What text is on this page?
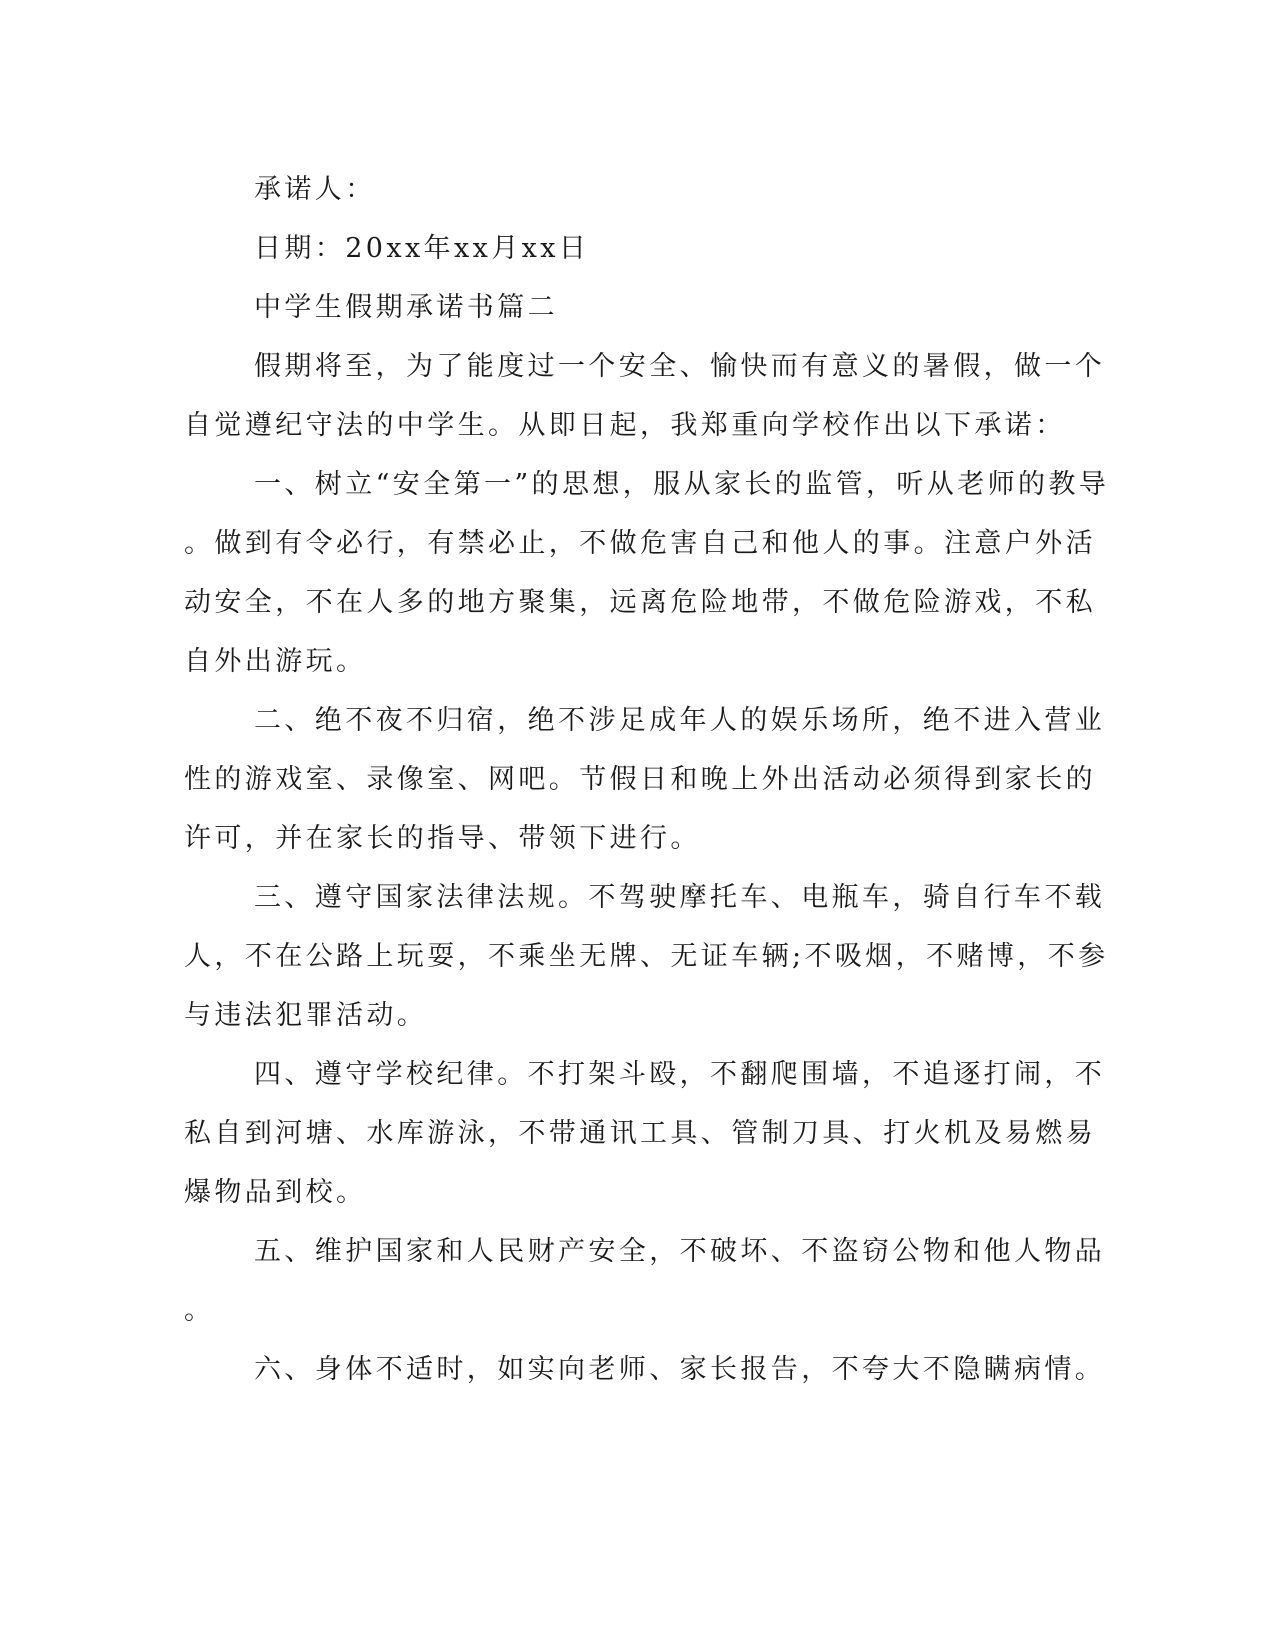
承诺人：

日期：20xx年xx月xx日

中学生假期承诺书篇二

假期将至，为了能度过一个安全、愉快而有意义的暑假，做一个

自觉遵纪守法的中学生。从即日起，我郑重向学校作出以下承诺：

一、树立“安全第一”的思想，服从家长的监管，听从老师的教导

。做到有令必行，有禁必止，不做危害自己和他人的事。注意户外活

动安全，不在人多的地方聚集，远离危险地带，不做危险游戏，不私

自外出游玩。

二、绝不夜不归宿，绝不涉足成年人的娱乐场所，绝不进入营业

性的游戏室、录像室、网吧。节假日和晚上外出活动必须得到家长的

许可，并在家长的指导、带领下进行。

三、遵守国家法律法规。不驾驶摩托车、电瓶车，骑自行车不载

人，不在公路上玩耍，不乘坐无牌、无证车辆;不吸烟，不赌博，不参

与违法犯罪活动。

四、遵守学校纪律。不打架斗殴，不翻爬围墙，不追逐打闹，不

私自到河塘、水库游泳，不带通讯工具、管制刀具、打火机及易燃易

爆物品到校。

五、维护国家和人民财产安全，不破坏、不盗窃公物和他人物品

。

六、身体不适时，如实向老师、家长报告，不夸大不隐瞒病情。
